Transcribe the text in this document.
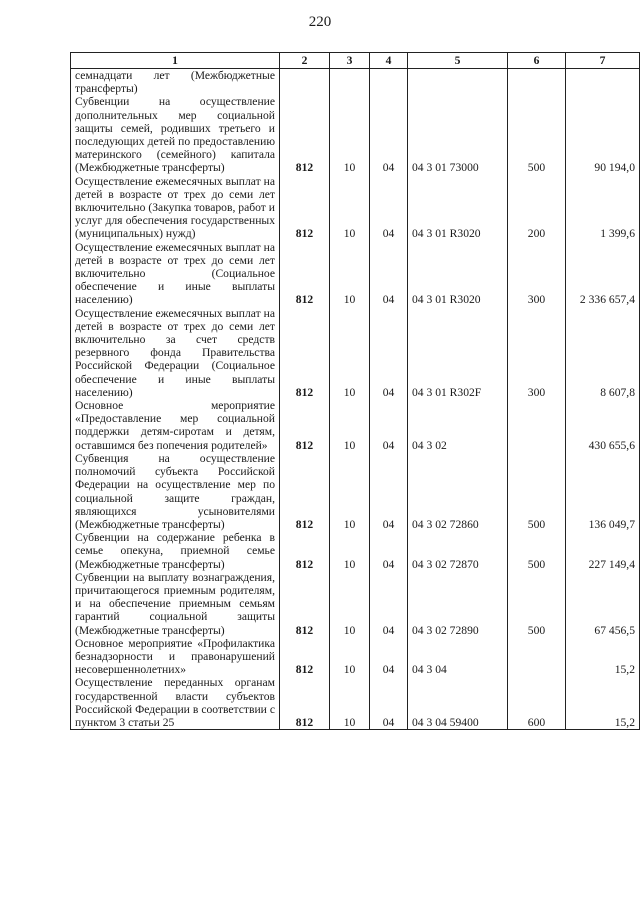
220
1	2	3	4	5	6	7
семнадцати лет (Межбюджетные трансферты)						
Субвенции на осуществление дополнительных мер социальной защиты семей, родивших третьего и последующих детей по предоставлению материнского (семейного) капитала (Межбюджетные трансферты)	812	10	04	04 3 01 73000	500	90 194,0
Осуществление ежемесячных выплат на детей в возрасте от трех до семи лет включительно (Закупка товаров, работ и услуг для обеспечения государственных (муниципальных) нужд)	812	10	04	04 3 01 R3020	200	1 399,6
Осуществление ежемесячных выплат на детей в возрасте от трех до семи лет включительно (Социальное обеспечение и иные выплаты населению)	812	10	04	04 3 01 R3020	300	2 336 657,4
Осуществление ежемесячных выплат на детей в возрасте от трех до семи лет включительно за счет средств резервного фонда Правительства Российской Федерации (Социальное обеспечение и иные выплаты населению)	812	10	04	04 3 01 R302F	300	8 607,8
Основное мероприятие «Предоставление мер социальной поддержки детям-сиротам и детям, оставшимся без попечения родителей»	812	10	04	04 3 02		430 655,6
Субвенция на осуществление полномочий субъекта Российской Федерации на осуществление мер по социальной защите граждан, являющихся усыновителями (Межбюджетные трансферты)	812	10	04	04 3 02 72860	500	136 049,7
Субвенции на содержание ребенка в семье опекуна, приемной семье (Межбюджетные трансферты)	812	10	04	04 3 02 72870	500	227 149,4
Субвенции на выплату вознаграждения, причитающегося приемным родителям, и на обеспечение приемным семьям гарантий социальной защиты (Межбюджетные трансферты)	812	10	04	04 3 02 72890	500	67 456,5
Основное мероприятие «Профилактика безнадзорности и правонарушений несовершеннолетних»	812	10	04	04 3 04		15,2
Осуществление переданных органам государственной власти субъектов Российской Федерации в соответствии с пунктом 3 статьи 25	812	10	04	04 3 04 59400	600	15,2
